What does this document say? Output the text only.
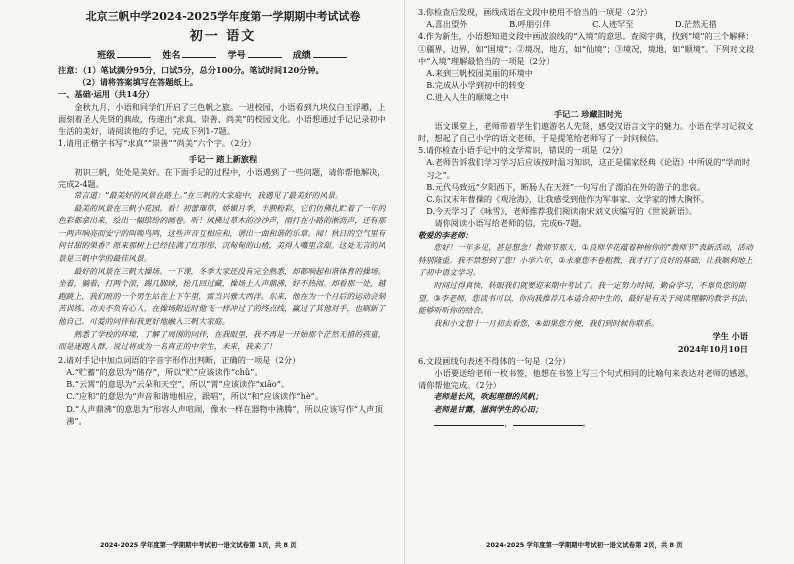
北京三帆中学2024-2025学年度第一学期期中考试试卷
初一 语文
班级	姓名	学号	成绩

注意：（1）笔试满分95分，口试5分，总分100分。笔试时间120分钟。

（2）请将答案填写在答题纸上。

一、基础·运用（共14分）

金秋九月，小语和同学们开启了三色帆之旅。一进校园，小语看到九块仪白玉浮雕，上面刻着圣人先贤的典故，传递出“求真、崇善、尚美”的校园文化。小语想通过手记记录初中生活的美好，请阅读他的手记，完成下列1-7题。

1.请用正楷字书写“求真”“崇善”“尚美”六个字。（2分）

手记一 踏上新旅程

初识三帆，处处是美好。在下面手记的过程中，小语遇到了一些问题，请你帮他解决，完成2-4题。

常言道：“最美好的风景在路上。”在三帆的大家庭中，我遇见了最美好的风景。

最美的风景在三帆小花园。看！初蕾璀草，娇媚月季，丰腴粉彩，它们仿佛扎贮着了一年的色彩都拿出来，绘出一幅缤纷的画卷。听！风拂过草木的沙沙声，雨打在小路的淅沥声，还有那一两声响亮而安宁的叫唤鸟鸣，这些声音互相应和，谱出一曲和谐的乐章。闻！秋日的空气里有何甘甜的果香？原来那树上已经挂满了红彤彤、沉甸甸的山楂，美得人嘴里含甜。这处无言的风景是三帆中学的最佳风景。

最好的风景在三帆大操场。一下课，冬季大家还没有完全熟悉，却都响起和谐体育的操场。坐着，躺着，打两个滚，踢几脚球，抡几回过藏，操场上人声鼎沸，好不热闹。却看那一处，越跑跳上，我们班的一个男生站在上下午里，雷当兴雅大西洋。东来，他在为一个月后的运动会刻苦训练。功夫不负有心人，在操场附近时他飞一样冲过了的终点线，赢过了其他对手，也刷新了他自己。可爱的同伴和我更好地融入三帆大家庭。

熟悉了学校的环境，了解了周围的同伴，在我眼里，我不再是一开始那个茫然无措的孩童，而是迷跑人群，说过将成为一名真正的中学生，未来，我来了！

2.请对手记中加点词语的字音字形作出判断，正确的一项是（2分）

A.“贮蓄”的意思为“储存”，所以“贮”应该读作“chǔ”。

B.“云霄”的意思为“云朵和天空”，所以“霄”应该读作“xiāo”。

C.“应和”的意思为“声音和谐地相应，跟唱”，所以“和”应该读作“hè”。

D.“人声鼎沸”的意思为“形容人声喧闹，像水一样在器物中沸腾”，所以应该写作“人声顶沸”。

2024-2025 学年度第一学期期中考试初一语文试卷第 1页，共 8 页

3.你检查后发现，画线成语在文段中使用不恰当的一项是（2分）

A.喜出望外	B.呼朋引伴	C.人迹罕至	D.茫然无措

4.作为新生，小语想知道文段中画波浪线的“入境”的意思。查阅字典，找到“境”的三个解释：①疆界，边界，如“国境”；②境况，地方，如“仙境”；③境况，境地，如“顺境”。下列对文段中“入境”理解最恰当的一项是（2分）

A.来到三帆校园美丽的环境中

B.完成从小学到初中的转变

C.进入人生的顺境之中

手记二 珍藏旧时光

语文课堂上，老师带着学生们遨游名人先贤，感受汉语言文字的魅力。小语在学习记叙文时，想起了自己小学的语文老师，于是提笔给老师写了一封问候信。

5.请你检查小语手记中的文学常识，错误的一项是（2分）

A.老师告诉我们学习学习后应该按时温习知识，这正是儒家经典《论语》中所说的“学而时习之”。

B.元代马致远“夕阳西下，断肠人在天涯”一句写出了漂泊在外的游子的悲哀。

C.东汉末年曹操的《观沧海》，让我感受到他作为军事家、文学家的博大胸怀。

D.今天学习了《咏雪》，老师推荐我们阅读南宋刘义庆编写的《世说新语》。

请你阅读小语写给老师的信，完成6-7题。

敬爱的李老师：

您好！一年多见，甚是想念！教师节那天，①良师华花蕴着种榜你的“教师节”表新活动，活动特别隆重。我不禁想到了您！小学六年，②永豪您不卷粗教，我才打了良好的基础，让我顺利地上了初中语文学习。

时间过得真快，转眼我们就要迎来期中考试了。我一定努力时间，勤奋学习，不辜负您的期望。③李老师，您读书可以，你向我推荐几本适合初中生的、最好是有关于阅读理解的教学书法、能够听听你的结合。

我和小文想十一月初去看您，④如果您方便，我们到时候你联系。

学生 小语

2024年10月10日

6.文段画线句表述不得体的一句是（2分）

小语要送给老师一枚书签，他想在书签上写三个句式相同的比喻句来表达对老师的感恩，请你帮他完成。（2分）

老师是长风，吹起理想的风帆；

老师是甘露，滋润学生的心田；

，	。

2024-2025 学年度第一学期期中考试初一语文试卷第 2页，共 8 页
